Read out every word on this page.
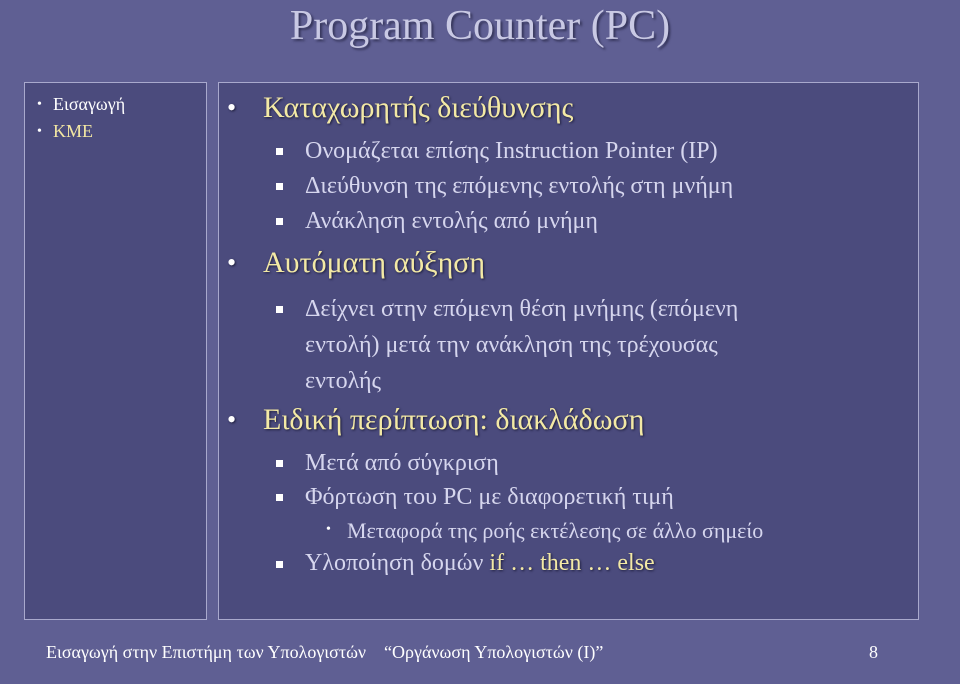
Program Counter (PC)
• Εισαγωγή
• ΚΜΕ
• Καταχωρητής διεύθυνσης
Ονομάζεται επίσης Instruction Pointer (IP)
Διεύθυνση της επόμενης εντολής στη μνήμη
Ανάκληση εντολής από μνήμη
• Αυτόματη αύξηση
Δείχνει στην επόμενη θέση μνήμης (επόμενη
εντολή) μετά την ανάκληση της τρέχουσας
εντολής
• Ειδική περίπτωση: διακλάδωση
Μετά από σύγκριση
Φόρτωση του PC με διαφορετική τιμή
• Μεταφορά της ροής εκτέλεσης σε άλλο σημείο
Υλοποίηση δομών if … then … else
Εισαγωγή στην Επιστήμη των Υπολογιστών    “Οργάνωση Υπολογιστών (Ι)”	8
